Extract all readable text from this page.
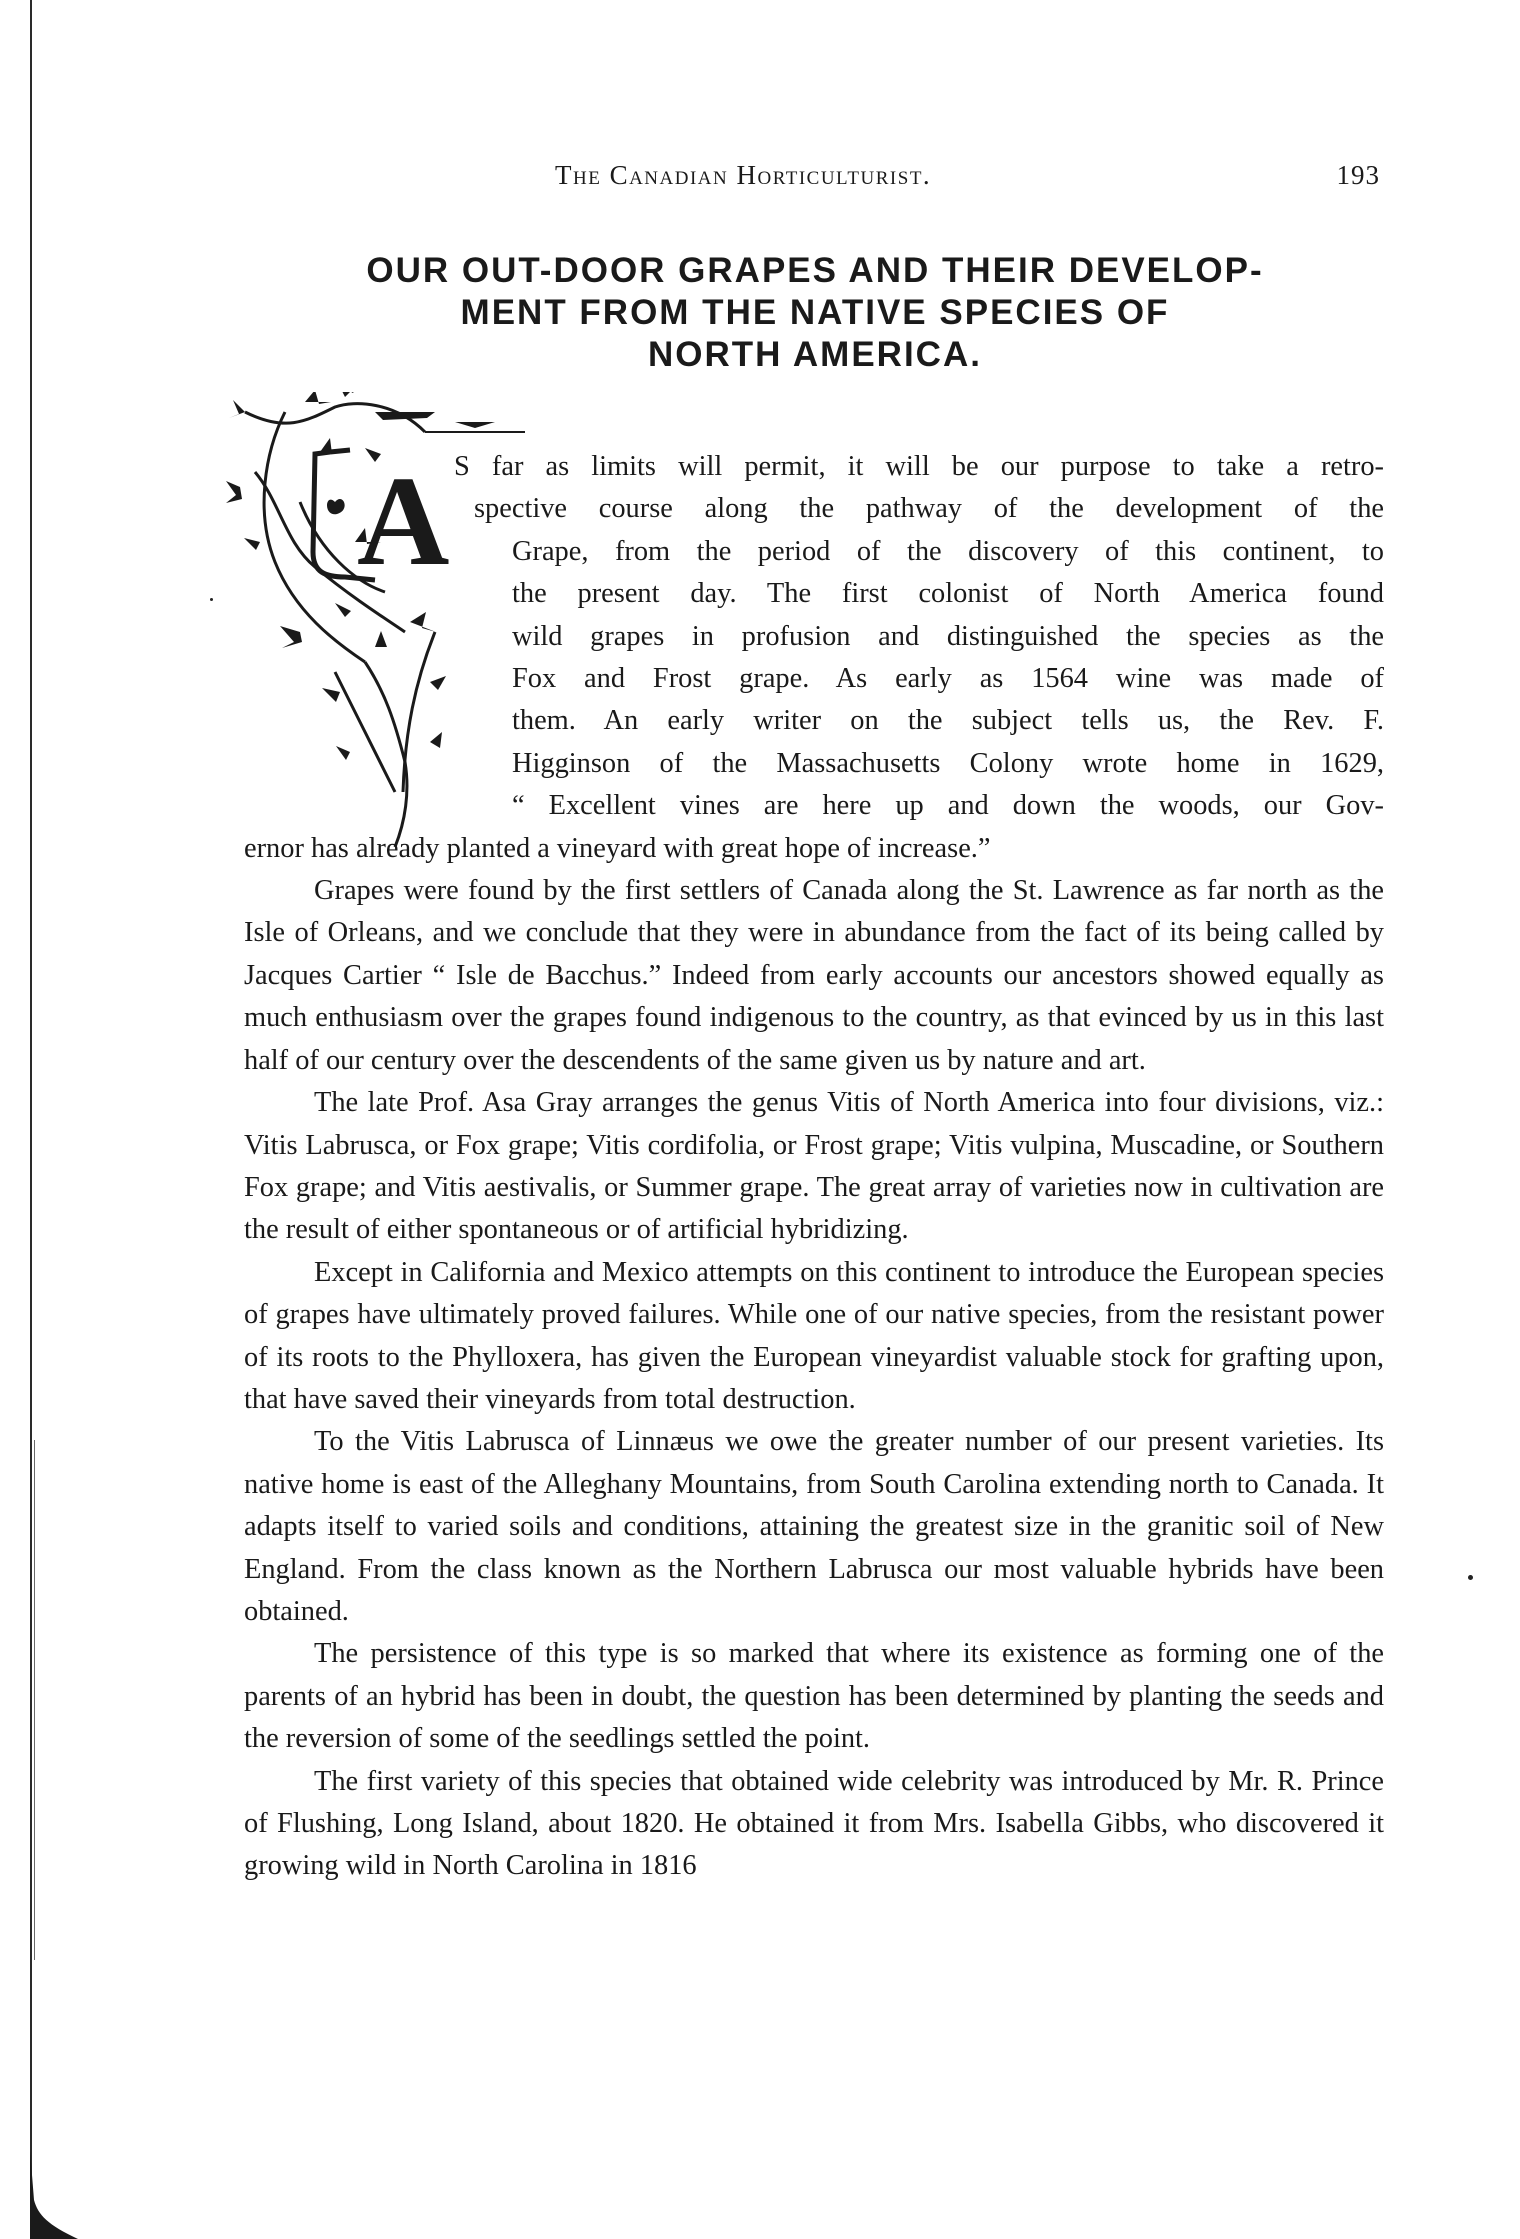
The Canadian Horticulturist.	193
OUR OUT-DOOR GRAPES AND THEIR DEVELOP-
MENT FROM THE NATIVE SPECIES OF
NORTH AMERICA.
A S far as limits will permit, it will be our purpose to take a retro-
spective course along the pathway of the development of the
Grape, from the period of the discovery of this continent, to
the present day. The first colonist of North America found
wild grapes in profusion and distinguished the species as the
Fox and Frost grape. As early as 1564 wine was made of
them. An early writer on the subject tells us, the Rev. F.
Higginson of the Massachusetts Colony wrote home in 1629,
“ Excellent vines are here up and down the woods, our Gov-
ernor has already planted a vineyard with great hope of increase.”

Grapes were found by the first settlers of Canada along the St. Lawrence as far north as the Isle of Orleans, and we conclude that they were in abundance from the fact of its being called by Jacques Cartier “ Isle de Bacchus.” Indeed from early accounts our ancestors showed equally as much enthusiasm over the grapes found indigenous to the country, as that evinced by us in this last half of our century over the descendents of the same given us by nature and art.

The late Prof. Asa Gray arranges the genus Vitis of North America into four divisions, viz.: Vitis Labrusca, or Fox grape; Vitis cordifolia, or Frost grape; Vitis vulpina, Muscadine, or Southern Fox grape; and Vitis aestivalis, or Summer grape. The great array of varieties now in cultivation are the result of either spontaneous or of artificial hybridizing.

Except in California and Mexico attempts on this continent to introduce the European species of grapes have ultimately proved failures. While one of our native species, from the resistant power of its roots to the Phylloxera, has given the European vineyardist valuable stock for grafting upon, that have saved their vineyards from total destruction.

To the Vitis Labrusca of Linnæus we owe the greater number of our present varieties. Its native home is east of the Alleghany Mountains, from South Carolina extending north to Canada. It adapts itself to varied soils and conditions, attaining the greatest size in the granitic soil of New England. From the class known as the Northern Labrusca our most valuable hybrids have been obtained.

The persistence of this type is so marked that where its existence as forming one of the parents of an hybrid has been in doubt, the question has been determined by planting the seeds and the reversion of some of the seedlings settled the point.

The first variety of this species that obtained wide celebrity was introduced by Mr. R. Prince of Flushing, Long Island, about 1820. He obtained it from Mrs. Isabella Gibbs, who discovered it growing wild in North Carolina in 1816
